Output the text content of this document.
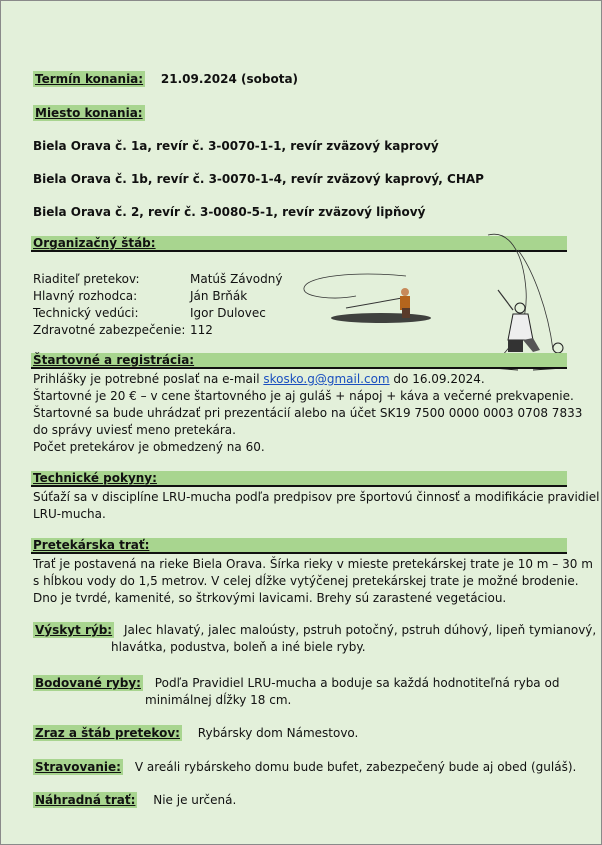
Termín konania: 21.09.2024 (sobota)
Miesto konania:
Biela Orava č. 1a, revír č. 3-0070-1-1, revír zväzový kaprový
Biela Orava č. 1b, revír č. 3-0070-1-4, revír zväzový kaprový, CHAP
Biela Orava č. 2, revír č. 3-0080-5-1, revír zväzový lipňový
Organizačný štáb:
Riaditeľ pretekov:	Matúš Závodný
Hlavný rozhodca:	Ján Brňák
Technický vedúci:	Igor Dulovec
Zdravotné zabezpečenie: 112
Štartovné a registrácia:
Prihlášky je potrebné poslať na e-mail skosko.g@gmail.com do 16.09.2024.
Štartovné je 20 € – v cene štartovného je aj guláš + nápoj + káva a večerné prekvapenie.
Štartovné sa bude uhrádzať pri prezentácií alebo na účet SK19 7500 0000 0003 0708 7833
do správy uviesť meno pretekára.
Počet pretekárov je obmedzený na 60.
Technické pokyny:
Súťaží sa v disciplíne LRU-mucha podľa predpisov pre športovú činnosť a modifikácie pravidiel
LRU-mucha.
Pretekárska trať:
Trať je postavená na rieke Biela Orava. Šírka rieky v mieste pretekárskej trate je 10 m – 30 m
s hĺbkou vody do 1,5 metrov. V celej dĺžke vytýčenej pretekárskej trate je možné brodenie.
Dno je tvrdé, kamenité, so štrkovými lavicami. Brehy sú zarastené vegetáciou.
Výskyt rýb: Jalec hlavatý, jalec maloústy, pstruh potočný, pstruh dúhový, lipeň tymianový,
hlavátka, podustva, boleň a iné biele ryby.
Bodované ryby: Podľa Pravidiel LRU-mucha a boduje sa každá hodnotiteľná ryba od
minimálnej dĺžky 18 cm.
Zraz a štáb pretekov: Rybársky dom Námestovo.
Stravovanie: V areáli rybárskeho domu bude bufet, zabezpečený bude aj obed (guláš).
Náhradná trať: Nie je určená.
